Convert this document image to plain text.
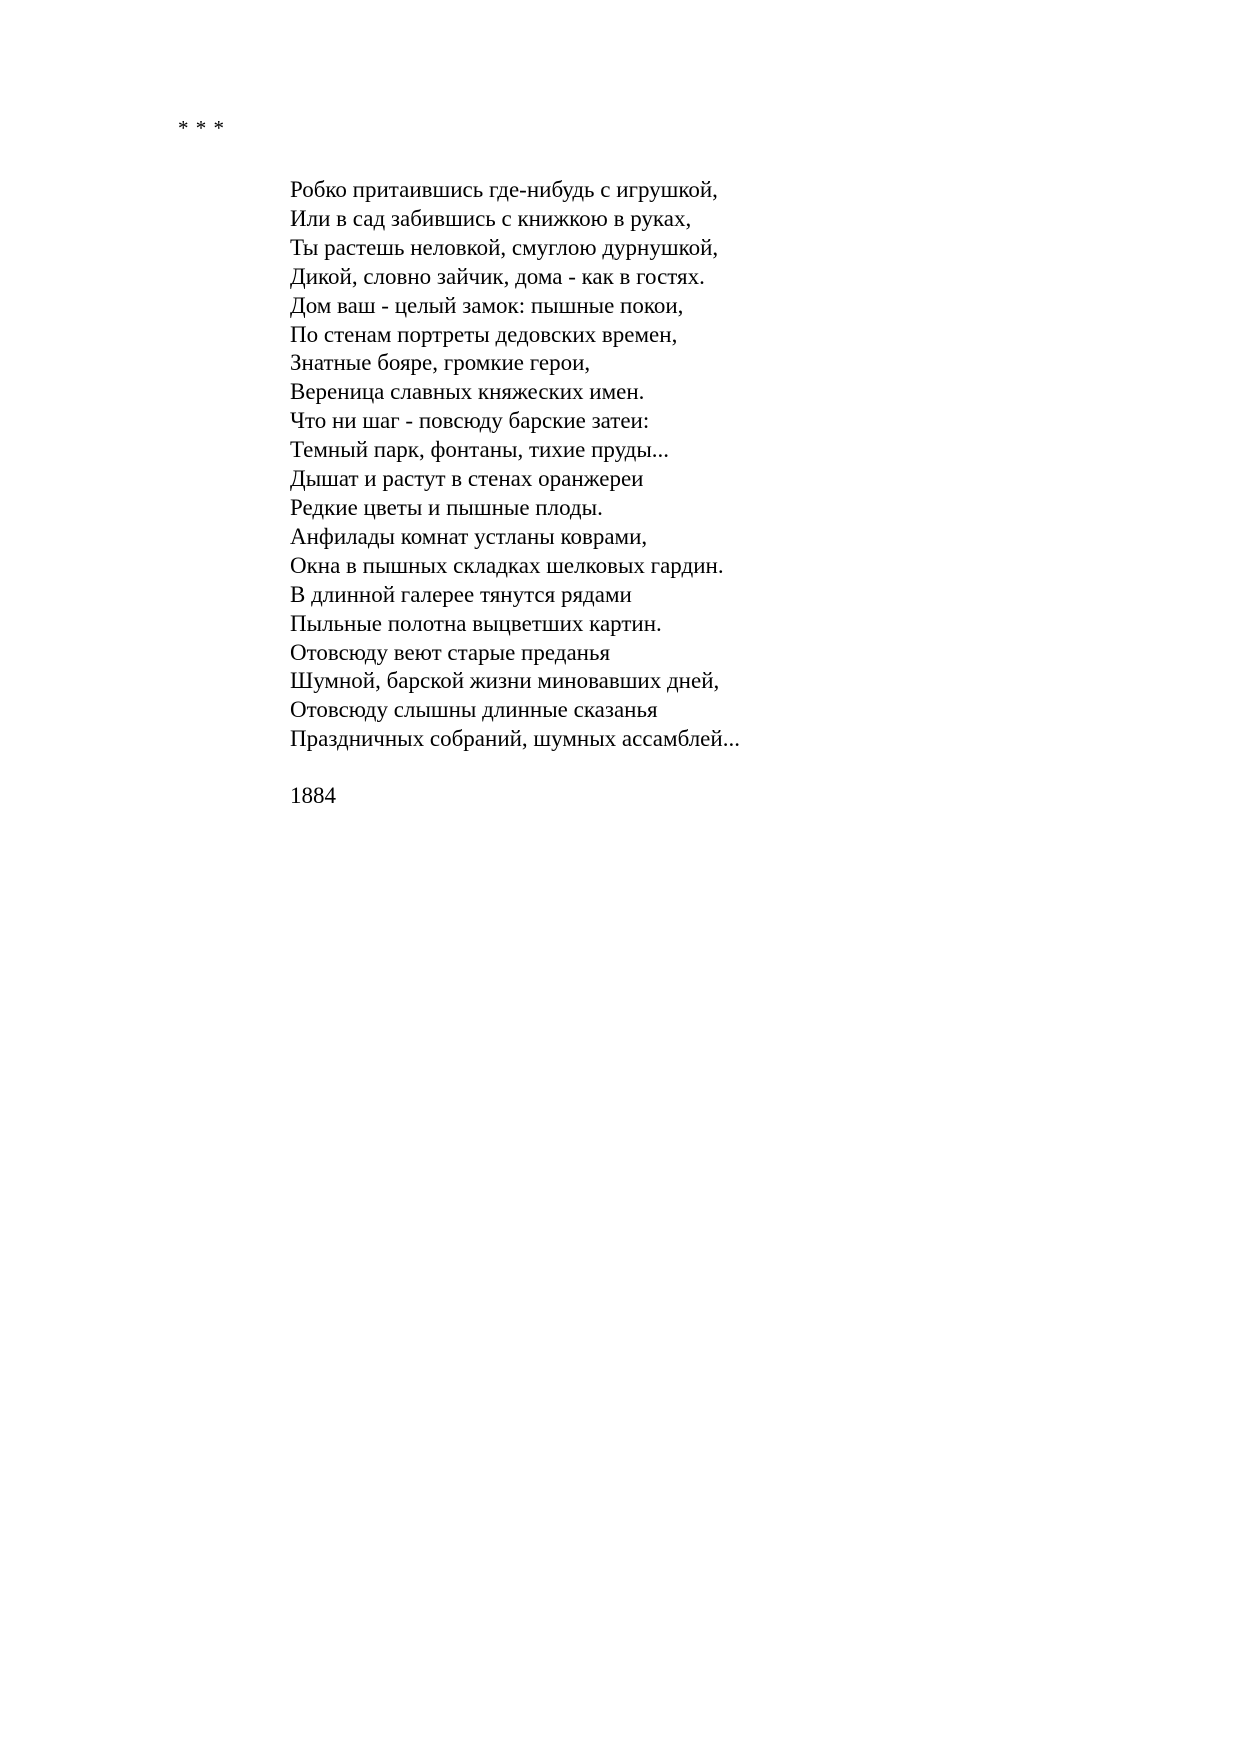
* * *
Робко притаившись где-нибудь с игрушкой,
Или в сад забившись с книжкою в руках,
Ты растешь неловкой, смуглою дурнушкой,
Дикой, словно зайчик, дома - как в гостях.
Дом ваш - целый замок: пышные покои,
По стенам портреты дедовских времен,
Знатные бояре, громкие герои,
Вереница славных княжеских имен.
Что ни шаг - повсюду барские затеи:
Темный парк, фонтаны, тихие пруды...
Дышат и растут в стенах оранжереи
Редкие цветы и пышные плоды.
Анфилады комнат устланы коврами,
Окна в пышных складках шелковых гардин.
В длинной галерее тянутся рядами
Пыльные полотна выцветших картин.
Отовсюду веют старые преданья
Шумной, барской жизни миновавших дней,
Отовсюду слышны длинные сказанья
Праздничных собраний, шумных ассамблей...
1884
